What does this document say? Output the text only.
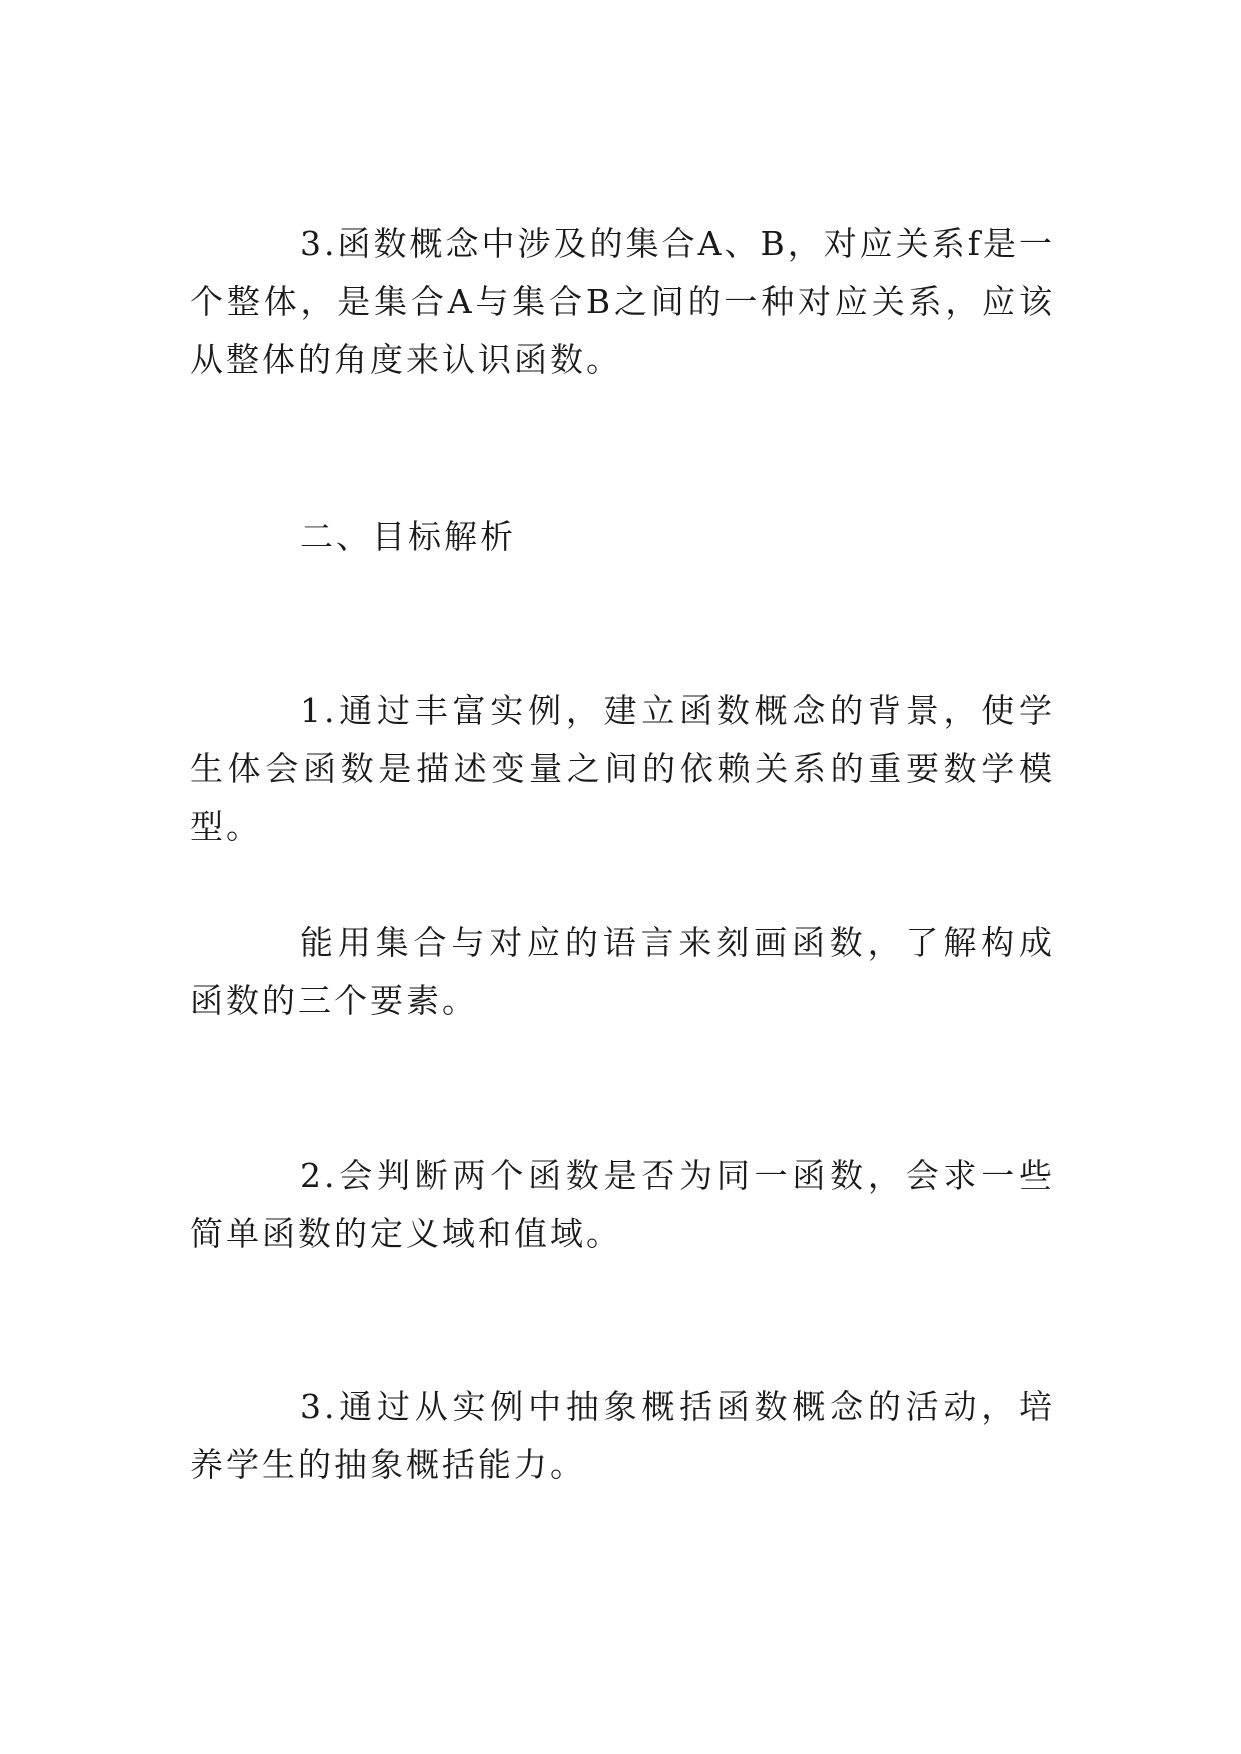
3.函数概念中涉及的集合A、B，对应关系f是一个整体，是集合A与集合B之间的一种对应关系，应该从整体的角度来认识函数。

二、目标解析

1.通过丰富实例，建立函数概念的背景，使学生体会函数是描述变量之间的依赖关系的重要数学模型。

能用集合与对应的语言来刻画函数，了解构成函数的三个要素。

2.会判断两个函数是否为同一函数，会求一些简单函数的定义域和值域。

3.通过从实例中抽象概括函数概念的活动，培养学生的抽象概括能力。
